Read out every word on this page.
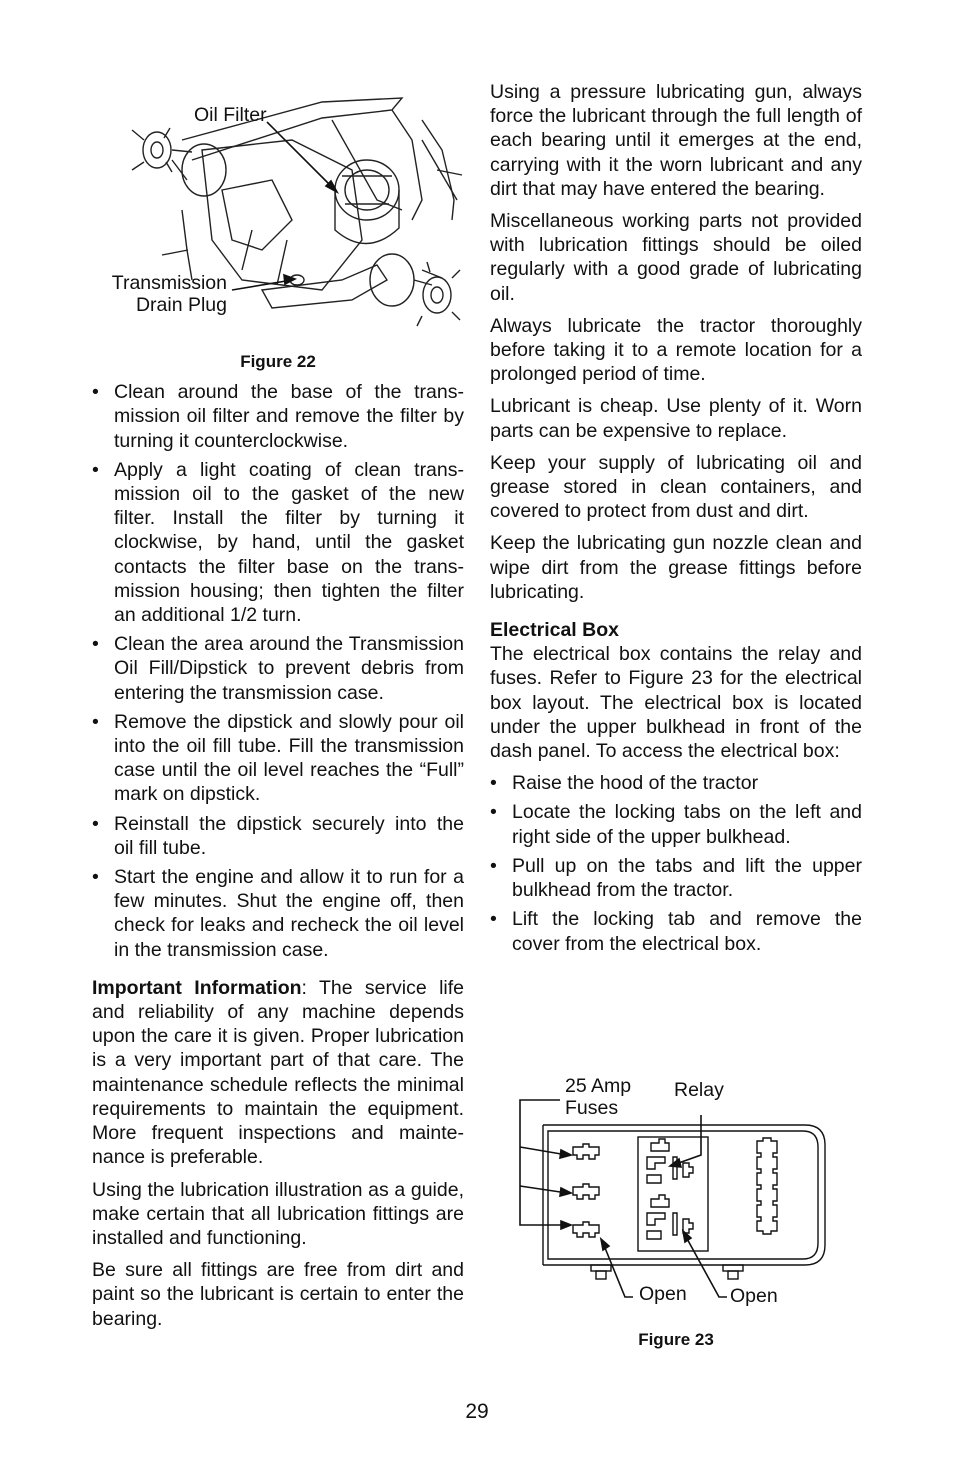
Oil Filter
Transmission
Drain Plug
Figure 22
• Clean around the base of the transmission oil filter and remove the filter by turning it counterclockwise.
• Apply a light coating of clean transmission oil to the gasket of the new filter. Install the filter by turning it clockwise, by hand, until the gasket contacts the filter base on the transmission housing; then tighten the filter an additional 1/2 turn.
• Clean the area around the Transmission Oil Fill/Dipstick to prevent debris from entering the transmission case.
• Remove the dipstick and slowly pour oil into the oil fill tube. Fill the transmission case until the oil level reaches the “Full” mark on dipstick.
• Reinstall the dipstick securely into the oil fill tube.
• Start the engine and allow it to run for a few minutes. Shut the engine off, then check for leaks and recheck the oil level in the transmission case.

Important Information: The service life and reliability of any machine depends upon the care it is given. Proper lubrication is a very important part of that care. The maintenance schedule reflects the minimal requirements to maintain the equipment. More frequent inspections and maintenance is preferable.

Using the lubrication illustration as a guide, make certain that all lubrication fittings are installed and functioning.

Be sure all fittings are free from dirt and paint so the lubricant is certain to enter the bearing.

Using a pressure lubricating gun, always force the lubricant through the full length of each bearing until it emerges at the end, carrying with it the worn lubricant and any dirt that may have entered the bearing.

Miscellaneous working parts not provided with lubrication fittings should be oiled regularly with a good grade of lubricating oil.

Always lubricate the tractor thoroughly before taking it to a remote location for a prolonged period of time.

Lubricant is cheap. Use plenty of it. Worn parts can be expensive to replace.

Keep your supply of lubricating oil and grease stored in clean containers, and covered to protect from dust and dirt.

Keep the lubricating gun nozzle clean and wipe dirt from the grease fittings before lubricating.

Electrical Box

The electrical box contains the relay and fuses. Refer to Figure 23 for the electrical box layout. The electrical box is located under the upper bulkhead in front of the dash panel. To access the electrical box:

• Raise the hood of the tractor
• Locate the locking tabs on the left and right side of the upper bulkhead.
• Pull up on the tabs and lift the upper bulkhead from the tractor.
• Lift the locking tab and remove the cover from the electrical box.
25 Amp
Fuses
Relay
Open Open
Figure 23
29
